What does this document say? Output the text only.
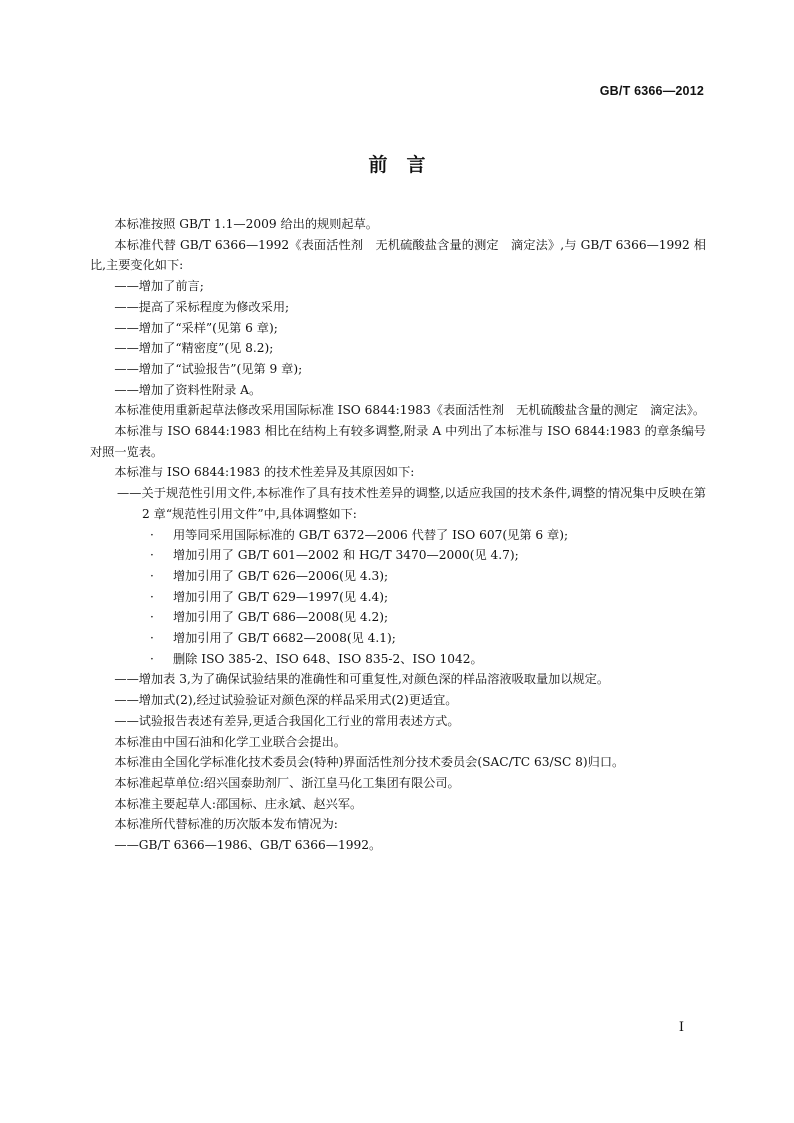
GB/T 6366—2012
前　言

本标准按照 GB/T 1.1—2009 给出的规则起草。

本标准代替 GB/T 6366—1992《表面活性剂　无机硫酸盐含量的测定　滴定法》,与 GB/T 6366—1992 相比,主要变化如下:

——增加了前言;

——提高了采标程度为修改采用;

——增加了“采样”(见第 6 章);

——增加了“精密度”(见 8.2);

——增加了“试验报告”(见第 9 章);

——增加了资料性附录 A。

本标准使用重新起草法修改采用国际标准 ISO 6844:1983《表面活性剂　无机硫酸盐含量的测定　滴定法》。

本标准与 ISO 6844:1983 相比在结构上有较多调整,附录 A 中列出了本标准与 ISO 6844:1983 的章条编号对照一览表。

本标准与 ISO 6844:1983 的技术性差异及其原因如下:

——关于规范性引用文件,本标准作了具有技术性差异的调整,以适应我国的技术条件,调整的情况集中反映在第 2 章“规范性引用文件”中,具体调整如下:

· 用等同采用国际标准的 GB/T 6372—2006 代替了 ISO 607(见第 6 章);

· 增加引用了 GB/T 601—2002 和 HG/T 3470—2000(见 4.7);

· 增加引用了 GB/T 626—2006(见 4.3);

· 增加引用了 GB/T 629—1997(见 4.4);

· 增加引用了 GB/T 686—2008(见 4.2);

· 增加引用了 GB/T 6682—2008(见 4.1);

· 删除 ISO 385-2、ISO 648、ISO 835-2、ISO 1042。

——增加表 3,为了确保试验结果的准确性和可重复性,对颜色深的样品溶液吸取量加以规定。

——增加式(2),经过试验验证对颜色深的样品采用式(2)更适宜。

——试验报告表述有差异,更适合我国化工行业的常用表述方式。

本标准由中国石油和化学工业联合会提出。

本标准由全国化学标准化技术委员会(特种)界面活性剂分技术委员会(SAC/TC 63/SC 8)归口。

本标准起草单位:绍兴国泰助剂厂、浙江皇马化工集团有限公司。

本标准主要起草人:邵国标、庄永斌、赵兴军。

本标准所代替标准的历次版本发布情况为:

——GB/T 6366—1986、GB/T 6366—1992。

I
